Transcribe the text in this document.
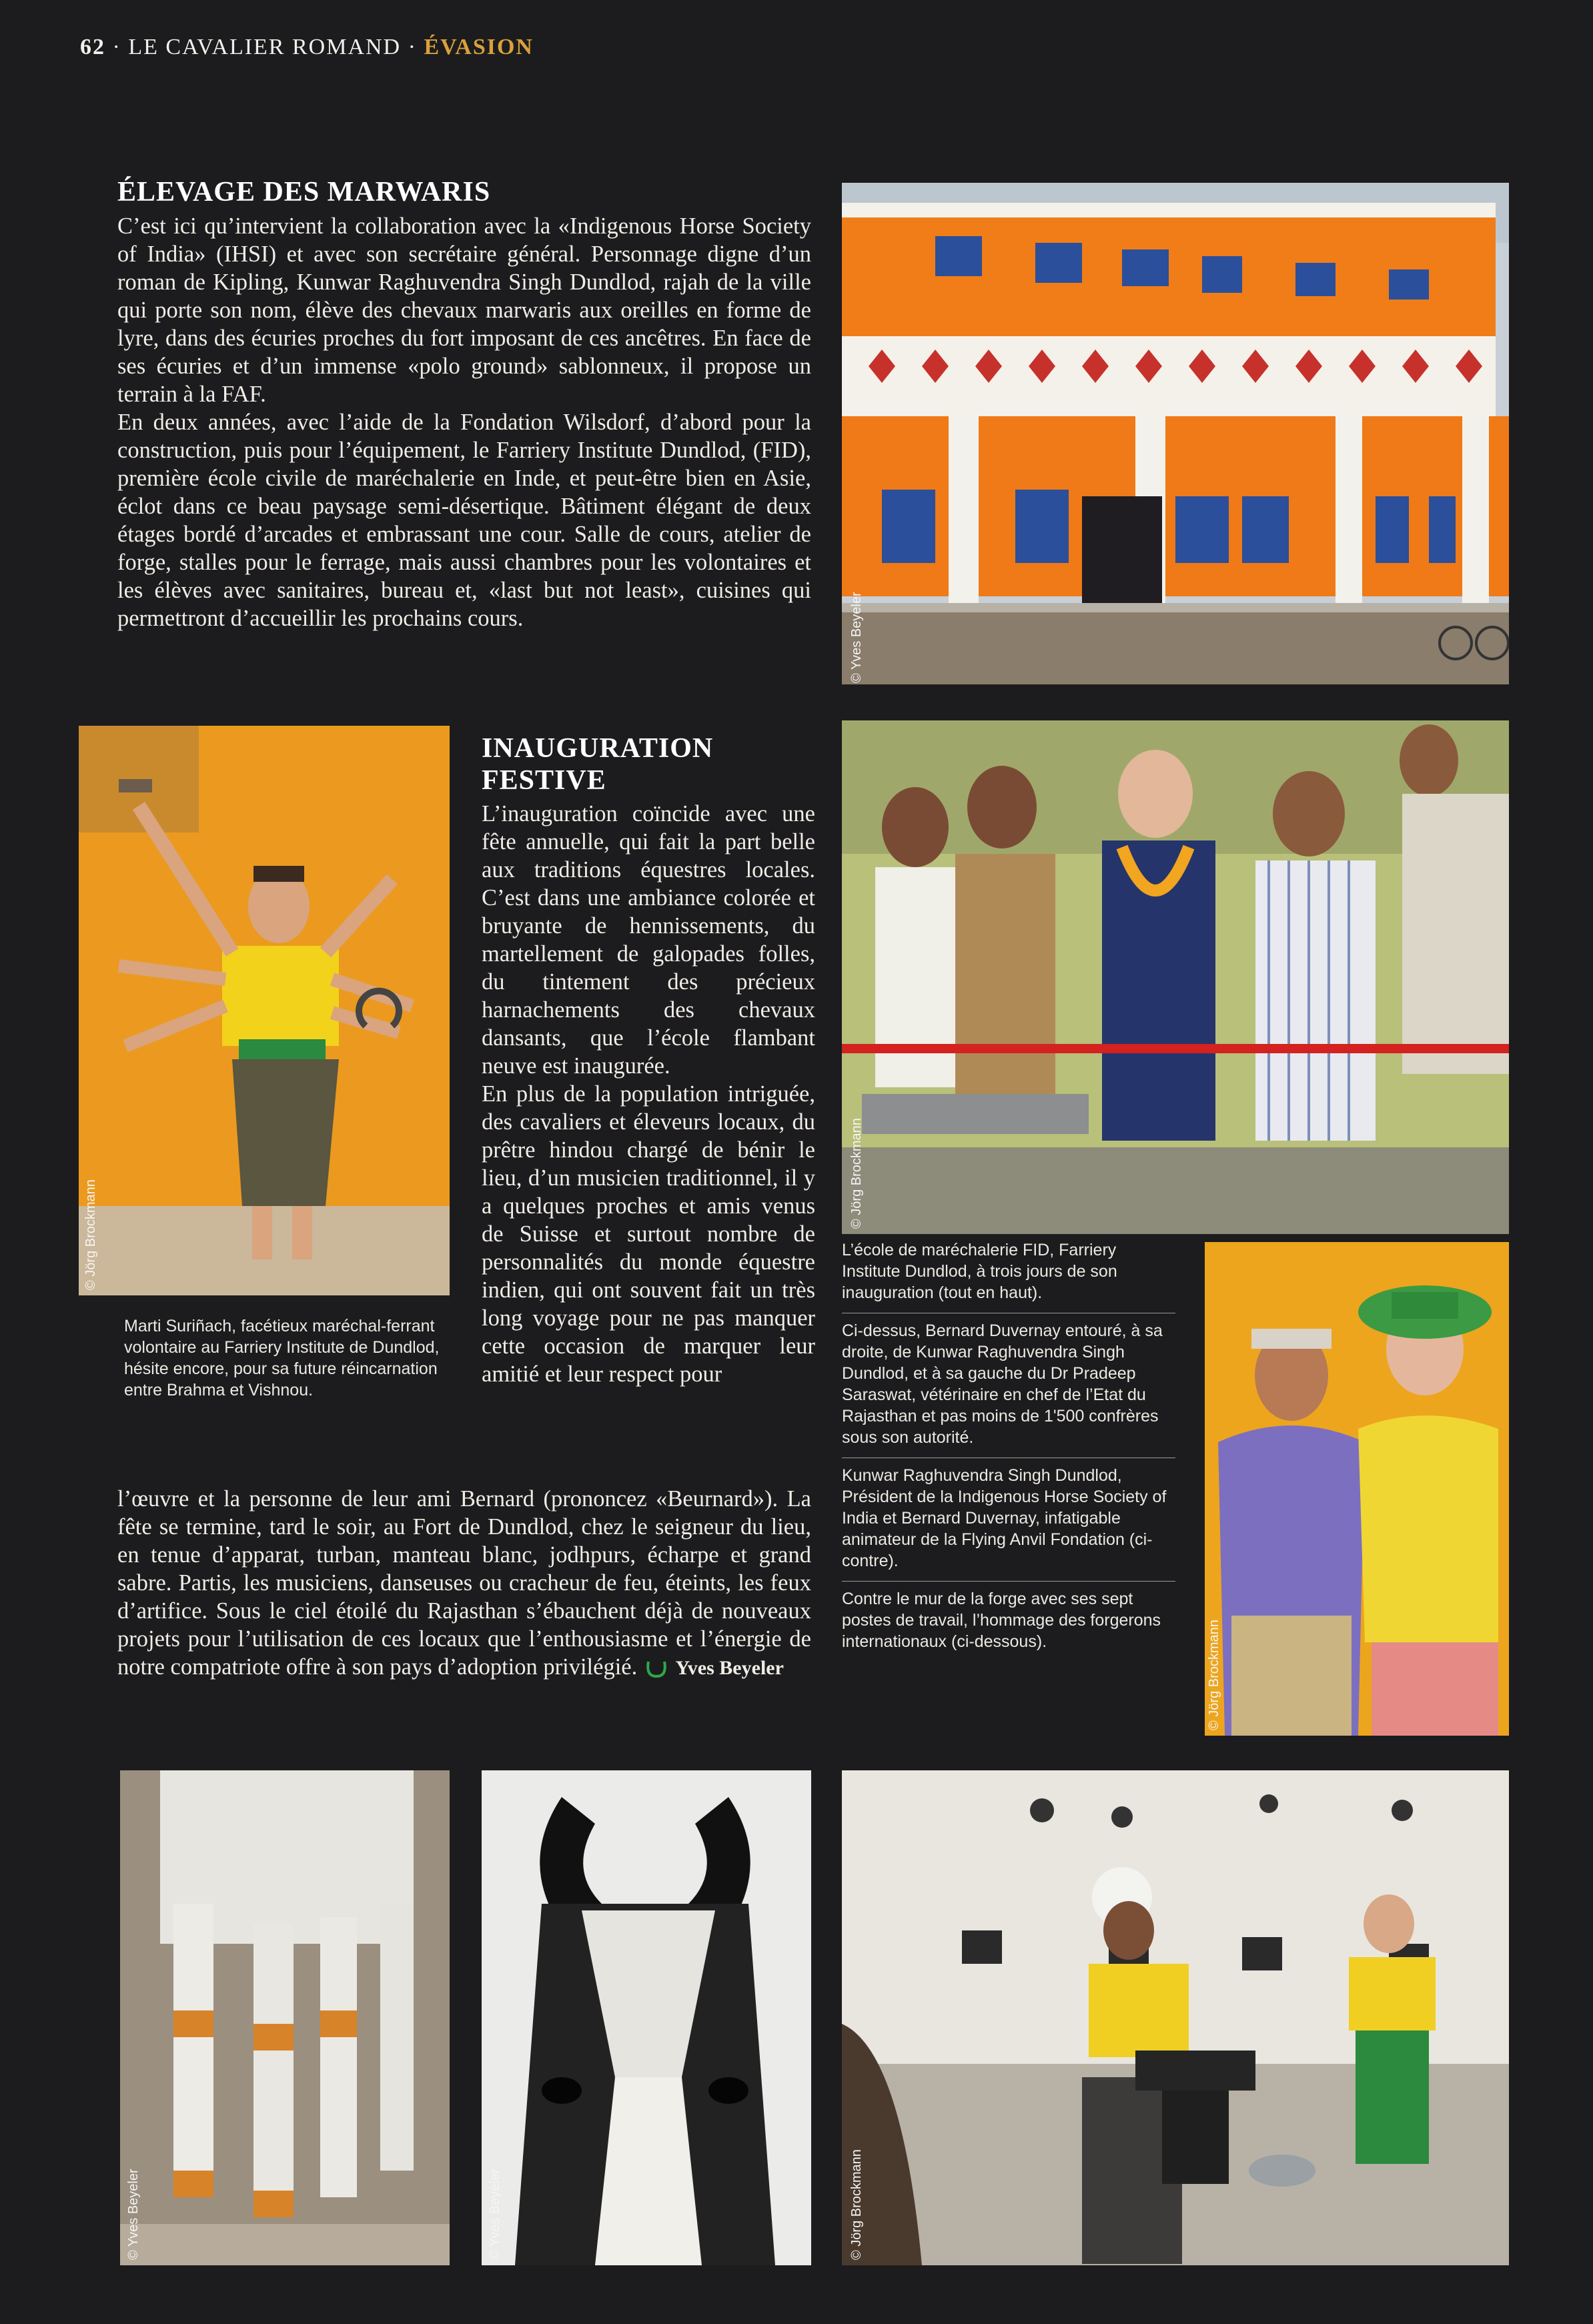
62 · LE CAVALIER ROMAND · ÉVASION
ÉLEVAGE DES MARWARIS

C’est ici qu’intervient la collaboration avec la «Indigenous Horse Society of India» (IHSI) et avec son secrétaire général. Personnage digne d’un roman de Kipling, Kunwar Raghuvendra Singh Dundlod, rajah de la ville qui porte son nom, élève des chevaux marwaris aux oreilles en forme de lyre, dans des écuries proches du fort imposant de ces ancêtres. En face de ses écuries et d’un immense «polo ground» sablonneux, il propose un terrain à la FAF.

En deux années, avec l’aide de la Fondation Wilsdorf, d’abord pour la construction, puis pour l’équipement, le Farriery Institute Dundlod, (FID), première école civile de maréchalerie en Inde, et peut-être bien en Asie, éclot dans ce beau paysage semi-désertique. Bâtiment élégant de deux étages bordé d’arcades et embrassant une cour. Salle de cours, atelier de forge, stalles pour le ferrage, mais aussi chambres pour les volontaires et les élèves avec sanitaires, bureau et, «last but not least», cuisines qui permettront d’accueillir les prochains cours.	© Yves Beyeler
© Jörg Brockmann

Marti Suriñach, facétieux maréchal-ferrant volontaire au Farriery Institute de Dundlod, hésite encore, pour sa future réincarnation entre Brahma et Vishnou.

INAUGURATION
FESTIVE

L’inauguration coïncide avec une fête annuelle, qui fait la part belle aux traditions équestres locales. C’est dans une ambiance colorée et bruyante de hennissements, du martellement de galopades folles, du tintement des précieux harnachements des chevaux dansants, que l’école flambant neuve est inaugurée.

En plus de la population intriguée, des cavaliers et éleveurs locaux, du prêtre hindou chargé de bénir le lieu, d’un musicien traditionnel, il y a quelques proches et amis venus de Suisse et surtout nombre de personnalités du monde équestre indien, qui ont souvent fait un très long voyage pour ne pas manquer cette occasion de marquer leur amitié et leur respect pour

© Jörg Brockmann

L’école de maréchalerie FID, Farriery Institute Dundlod, à trois jours de son inauguration (tout en haut).

Ci-dessus, Bernard Duvernay entouré, à sa droite, de Kunwar Raghuvendra Singh Dundlod, et à sa gauche du Dr Pradeep Saraswat, vétérinaire en chef de l’Etat du Rajasthan et pas moins de 1'500 confrères sous son autorité.

Kunwar Raghuvendra Singh Dundlod, Président de la Indigenous Horse Society of India et Bernard Duvernay, infatigable animateur de la Flying Anvil Fondation (ci-contre).

Contre le mur de la forge avec ses sept postes de travail, l’hommage des forgerons internationaux (ci-dessous).	© Jörg Brockmann

l’œuvre et la personne de leur ami Bernard (prononcez «Beurnard»). La fête se termine, tard le soir, au Fort de Dundlod, chez le seigneur du lieu, en tenue d’apparat, turban, manteau blanc, jodhpurs, écharpe et grand sabre. Partis, les musiciens, danseuses ou cracheur de feu, éteints, les feux d’artifice. Sous le ciel étoilé du Rajasthan s’ébauchent déjà de nouveaux projets pour l’utilisation de ces locaux que l’enthousiasme et l’énergie de notre compatriote offre à son pays d’adoption privilégié. Yves Beyeler

© Yves Beyeler	© Yves Beyeler	© Jörg Brockmann
